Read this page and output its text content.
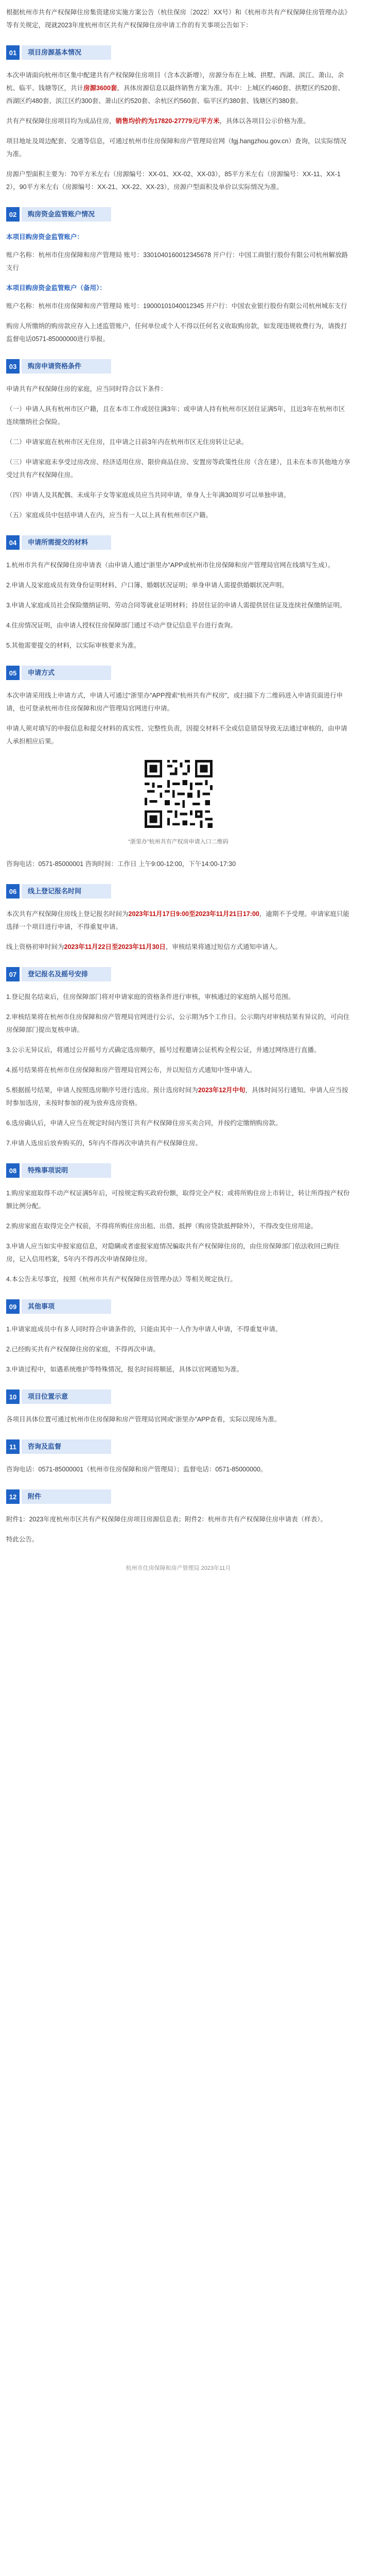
根据杭州市共有产权保障住房集资建房实施方案公告（杭住保房〔2022〕XX号）和《杭州市共有产权保障住房管理办法》等有关规定，现就2023年度杭州市区共有产权保障住房申请工作的有关事项公告如下：

01	项目房源基本情况

本次申请面向杭州市区集中配建共有产权保障住房项目（含本次新增），房源分布在上城、拱墅、西湖、滨江、萧山、余杭、临平、钱塘等区，共计房源3600套，具体房源信息以最终销售方案为准。其中：上城区约460套、拱墅区约520套、西湖区约480套、滨江区约300套、萧山区约520套、余杭区约560套、临平区约380套、钱塘区约380套。

共有产权保障住房项目均为成品住房，销售均价约为17820-27779元/平方米，具体以各项目公示价格为准。

项目地址及周边配套、交通等信息，可通过杭州市住房保障和房产管理局官网（fgj.hangzhou.gov.cn）查询，以实际情况为准。

房源户型面积主要为：70平方米左右（房源编号：XX-01、XX-02、XX-03），85平方米左右（房源编号：XX-11、XX-12），90平方米左右（房源编号：XX-21、XX-22、XX-23），房源户型面积及单价以实际情况为准。

02	购房资金监管账户情况
本项目购房资金监管账户：

账户名称：杭州市住房保障和房产管理局 账号：3301040160012345678 开户行：中国工商银行股份有限公司杭州解放路支行

本项目购房资金监管账户（备用）：

账户名称：杭州市住房保障和房产管理局 账号：19000101040012345 开户行：中国农业银行股份有限公司杭州城东支行

购房人所缴纳的购房款应存入上述监管账户，任何单位或个人不得以任何名义收取购房款，如发现违规收费行为，请拨打监督电话0571-85000000进行举报。

03	购房申请资格条件

申请共有产权保障住房的家庭，应当同时符合以下条件：

（一）申请人具有杭州市区户籍，且在本市工作或居住满3年；或申请人持有杭州市区居住证满5年，且近3年在杭州市区连续缴纳社会保险。

（二）申请家庭在杭州市区无住房，且申请之日前3年内在杭州市区无住房转让记录。

（三）申请家庭未享受过房改房、经济适用住房、限价商品住房、安置房等政策性住房（含在建），且未在本市其他地方享受过共有产权保障住房。

（四）申请人及其配偶、未成年子女等家庭成员应当共同申请，单身人士年满30周岁可以单独申请。

（五）家庭成员中包括申请人在内，应当有一人以上具有杭州市区户籍。

04	申请所需提交的材料

1.杭州市共有产权保障住房申请表（由申请人通过“浙里办”APP或杭州市住房保障和房产管理局官网在线填写生成）。

2.申请人及家庭成员有效身份证明材料、户口簿、婚姻状况证明；单身申请人需提供婚姻状况声明。

3.申请人家庭成员社会保险缴纳证明、劳动合同等就业证明材料；持居住证的申请人需提供居住证及连续社保缴纳证明。

4.住房情况证明，由申请人授权住房保障部门通过不动产登记信息平台进行查询。

5.其他需要提交的材料，以实际审核要求为准。

05	申请方式

本次申请采用线上申请方式，申请人可通过“浙里办”APP搜索“杭州共有产权房”，或扫描下方二维码进入申请页面进行申请，也可登录杭州市住房保障和房产管理局官网进行申请。

申请人须对填写的申报信息和提交材料的真实性、完整性负责，因提交材料不全或信息错误导致无法通过审核的，由申请人承担相应后果。

“浙里办”杭州共有产权房申请入口二维码

咨询电话：0571-85000001 咨询时间：工作日 上午9:00-12:00，下午14:00-17:30

06	线上登记报名时间

本次共有产权保障住房线上登记报名时间为2023年11月17日9:00至2023年11月21日17:00，逾期不予受理。申请家庭只能选择一个项目进行申请，不得重复申请。

线上资格初审时间为2023年11月22日至2023年11月30日，审核结果将通过短信方式通知申请人。

07	登记报名及摇号安排

1.登记报名结束后，住房保障部门将对申请家庭的资格条件进行审核，审核通过的家庭纳入摇号范围。

2.审核结果将在杭州市住房保障和房产管理局官网进行公示，公示期为5个工作日。公示期内对审核结果有异议的，可向住房保障部门提出复核申请。

3.公示无异议后，将通过公开摇号方式确定选房顺序，摇号过程邀请公证机构全程公证，并通过网络进行直播。

4.摇号结果将在杭州市住房保障和房产管理局官网公布，并以短信方式通知中签申请人。

5.根据摇号结果，申请人按照选房顺序号进行选房。预计选房时间为2023年12月中旬，具体时间另行通知。申请人应当按时参加选房，未按时参加的视为放弃选房资格。

6.选房确认后，申请人应当在规定时间内签订共有产权保障住房买卖合同，并按约定缴纳购房款。

7.申请人选房后放弃购买的，5年内不得再次申请共有产权保障住房。

08	特殊事项说明

1.购房家庭取得不动产权证满5年后，可按规定购买政府份额，取得完全产权；或将所购住房上市转让，转让所得按产权份额比例分配。

2.购房家庭在取得完全产权前，不得将所购住房出租、出借、抵押（购房贷款抵押除外），不得改变住房用途。

3.申请人应当如实申报家庭信息，对隐瞒或者虚报家庭情况骗取共有产权保障住房的，由住房保障部门依法收回已购住房，记入信用档案，5年内不得再次申请保障住房。

4.本公告未尽事宜，按照《杭州市共有产权保障住房管理办法》等相关规定执行。

09	其他事项

1.申请家庭成员中有多人同时符合申请条件的，只能由其中一人作为申请人申请，不得重复申请。

2.已经购买共有产权保障住房的家庭，不得再次申请。

3.申请过程中，如遇系统维护等特殊情况，报名时间将顺延，具体以官网通知为准。

10	项目位置示意

各项目具体位置可通过杭州市住房保障和房产管理局官网或“浙里办”APP查看，实际以现场为准。

11	咨询及监督

咨询电话：0571-85000001（杭州市住房保障和房产管理局）；监督电话：0571-85000000。

12	附件

附件1：2023年度杭州市区共有产权保障住房项目房源信息表；附件2：杭州市共有产权保障住房申请表（样表）。

特此公告。

杭州市住房保障和房产管理局 2023年11月
